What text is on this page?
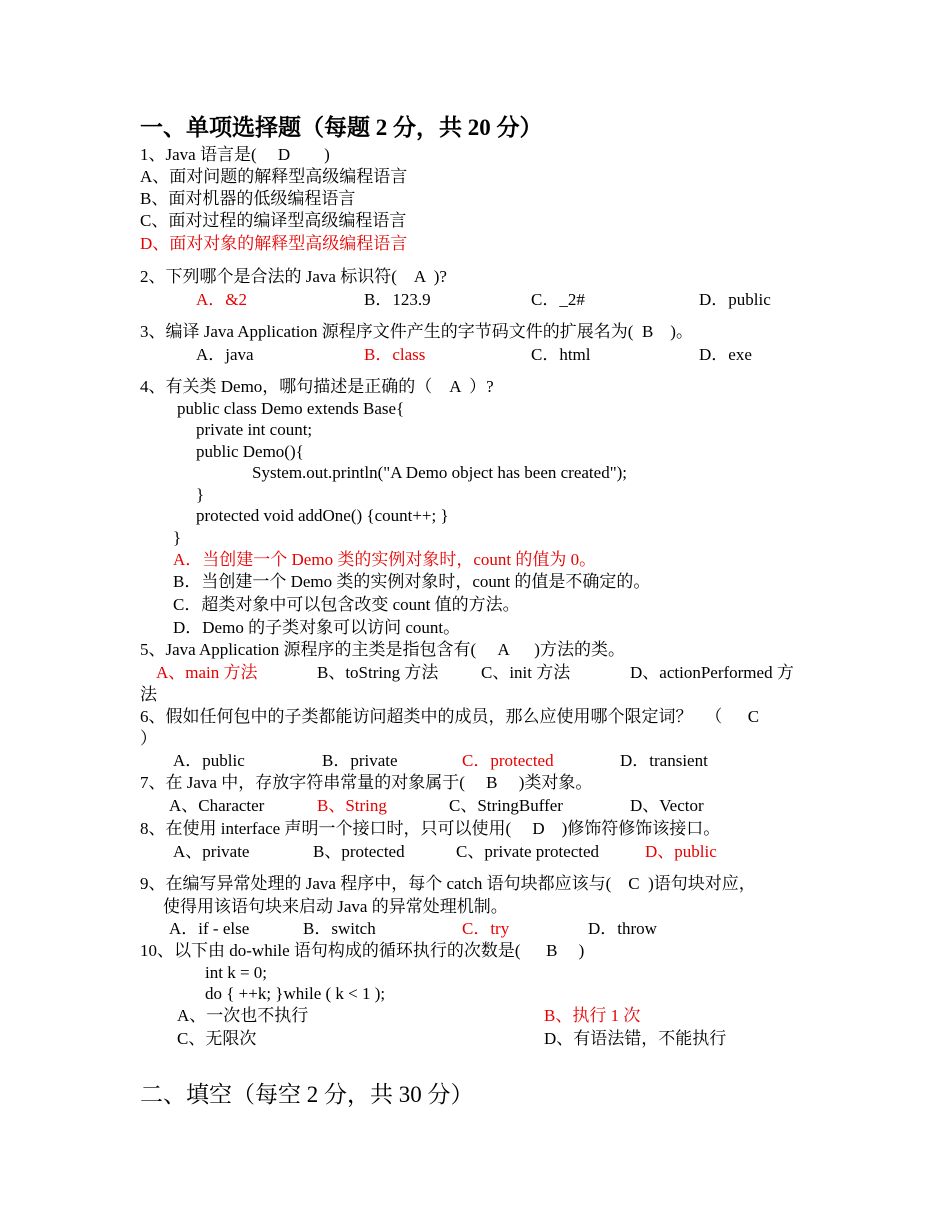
一、单项选择题（每题 2 分，共 20 分）
1、Java 语言是(     D        )
A、面对问题的解释型高级编程语言
B、面对机器的低级编程语言
C、面对过程的编译型高级编程语言
D、面对对象的解释型高级编程语言
2、下列哪个是合法的 Java 标识符(    A  )?
A．&2	B．123.9	C．_2#	D．public
3、编译 Java Application 源程序文件产生的字节码文件的扩展名为(  B    )。
A．java	B．class	C．html	D．exe
4、有关类 Demo，哪句描述是正确的（    A  ）?
public class Demo extends Base{
private int count;
public Demo(){
System.out.println("A Demo object has been created");
}
protected void addOne() {count++; }
}
A．当创建一个 Demo 类的实例对象时，count 的值为 0。
B．当创建一个 Demo 类的实例对象时，count 的值是不确定的。
C．超类对象中可以包含改变 count 值的方法。
D．Demo 的子类对象可以访问 count。
5、Java Application 源程序的主类是指包含有(     A      )方法的类。
A、main 方法	B、toString 方法	C、init 方法	D、actionPerformed 方
法
6、假如任何包中的子类都能访问超类中的成员，那么应使用哪个限定词？   （      C
）
A．public	B．private	C．protected	D．transient
7、在 Java 中，存放字符串常量的对象属于(     B     )类对象。
A、Character	B、String	C、StringBuffer	D、Vector
8、在使用 interface 声明一个接口时，只可以使用(     D    )修饰符修饰该接口。
A、private	B、protected	C、private protected	D、public
9、在编写异常处理的 Java 程序中，每个 catch 语句块都应该与(    C  )语句块对应，
使得用该语句块来启动 Java 的异常处理机制。
A．if - else	B．switch	C．try	D．throw
10、以下由 do-while 语句构成的循环执行的次数是(      B     )
int k = 0;
do { ++k; }while ( k < 1 );
A、一次也不执行	B、执行 1 次
C、无限次	D、有语法错，不能执行
二、填空（每空 2 分，共 30 分）
